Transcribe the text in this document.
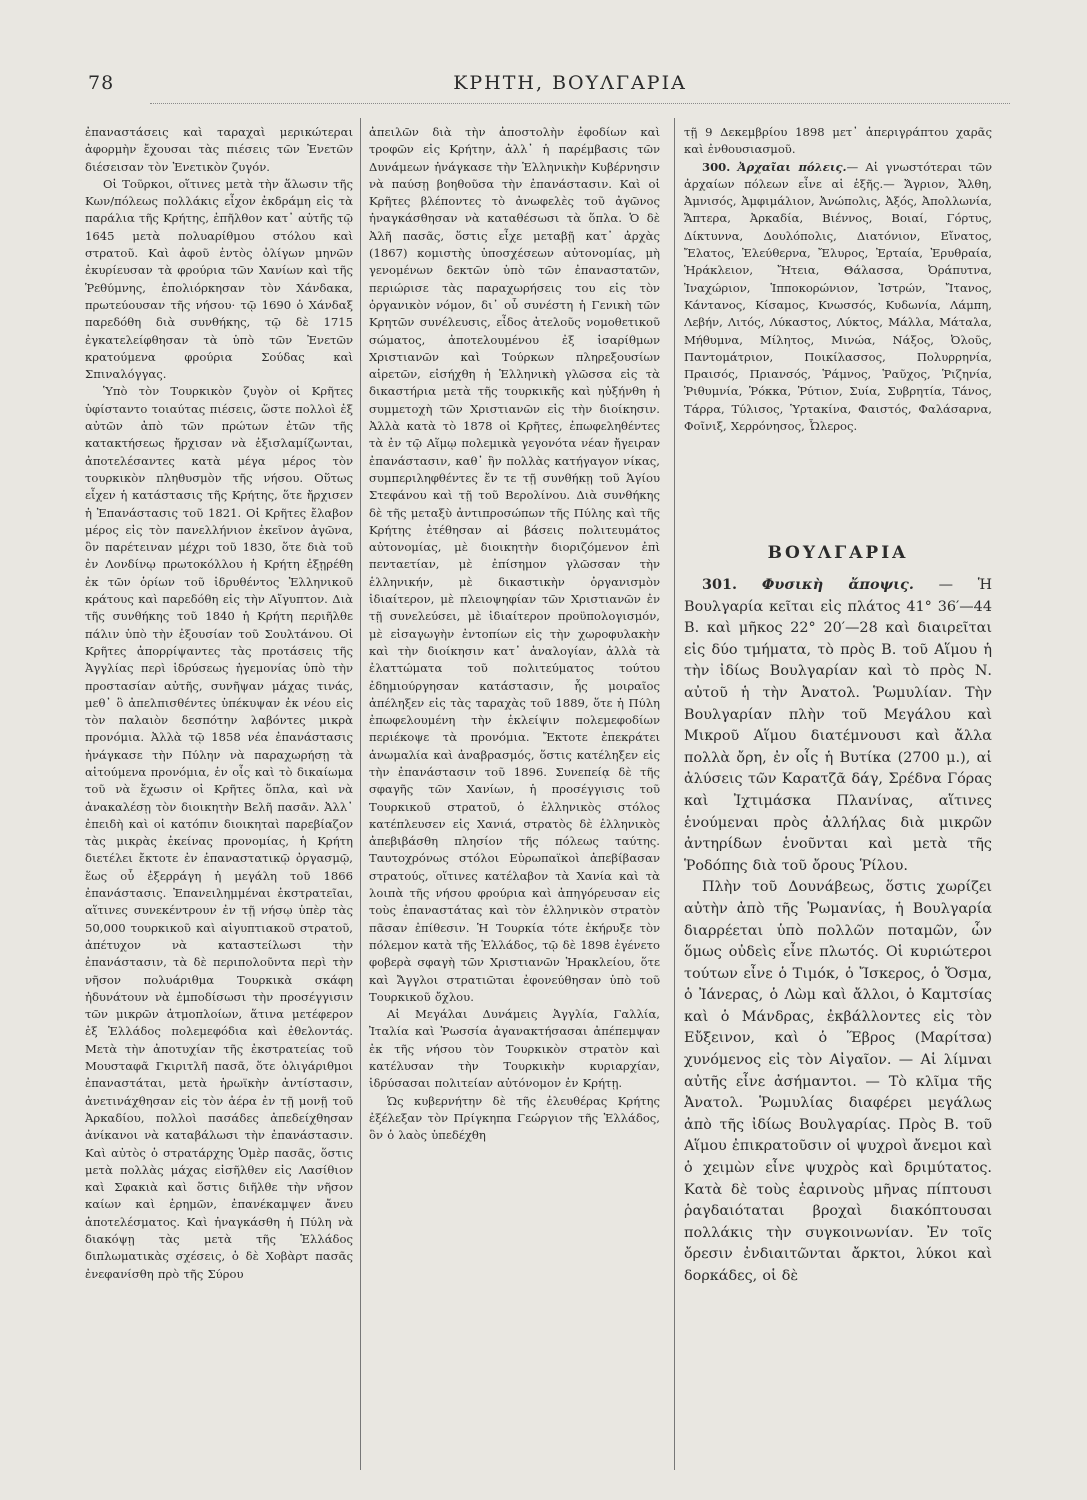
78	ΚΡΗΤΗ, ΒΟΥΛΓΑΡΙΑ

ἐπαναστάσεις καὶ ταραχαὶ μερικώτεραι ἀφορμὴν ἔχουσαι τὰς πιέσεις τῶν Ἐνετῶν διέσεισαν τὸν Ἐνετικὸν ζυγόν.

Οἱ Τοῦρκοι, οἵτινες μετὰ τὴν ἅλωσιν τῆς Κων/πόλεως πολλάκις εἶχον ἐκδράμη εἰς τὰ παράλια τῆς Κρήτης, ἐπῆλθον κατ᾽ αὐτῆς τῷ 1645 μετὰ πολυαρίθμου στόλου καὶ στρατοῦ. Καὶ ἀφοῦ ἐντὸς ὀλίγων μηνῶν ἐκυρίευσαν τὰ φρούρια τῶν Χανίων καὶ τῆς Ῥεθύμνης, ἐπολιόρκησαν τὸν Χάνδακα, πρωτεύουσαν τῆς νήσου· τῷ 1690 ὁ Χάνδαξ παρεδόθη διὰ συνθήκης, τῷ δὲ 1715 ἐγκατελείφθησαν τὰ ὑπὸ τῶν Ἐνετῶν κρατούμενα φρούρια Σούδας καὶ Σπιναλόγγας.

Ὑπὸ τὸν Τουρκικὸν ζυγὸν οἱ Κρῆτες ὑφίσταντο τοιαύτας πιέσεις, ὥστε πολλοὶ ἐξ αὐτῶν ἀπὸ τῶν πρώτων ἐτῶν τῆς κατακτήσεως ἤρχισαν νὰ ἐξισλαμίζωνται, ἀποτελέσαντες κατὰ μέγα μέρος τὸν τουρκικὸν πληθυσμὸν τῆς νήσου. Οὕτως εἶχεν ἡ κατάστασις τῆς Κρήτης, ὅτε ἤρχισεν ἡ Ἐπανάστασις τοῦ 1821. Οἱ Κρῆτες ἔλαβον μέρος εἰς τὸν πανελλήνιον ἐκεῖνον ἀγῶνα, ὃν παρέτειναν μέχρι τοῦ 1830, ὅτε διὰ τοῦ ἐν Λονδίνῳ πρωτοκόλλου ἡ Κρήτη ἐξῃρέθη ἐκ τῶν ὁρίων τοῦ ἱδρυθέντος Ἑλληνικοῦ κράτους καὶ παρεδόθη εἰς τὴν Αἴγυπτον. Διὰ τῆς συνθήκης τοῦ 1840 ἡ Κρήτη περιῆλθε πάλιν ὑπὸ τὴν ἐξουσίαν τοῦ Σουλτάνου. Οἱ Κρῆτες ἀπορρίψαντες τὰς προτάσεις τῆς Ἀγγλίας περὶ ἱδρύσεως ἡγεμονίας ὑπὸ τὴν προστασίαν αὐτῆς, συνῆψαν μάχας τινάς, μεθ᾽ ὃ ἀπελπισθέντες ὑπέκυψαν ἐκ νέου εἰς τὸν παλαιὸν δεσπότην λαβόντες μικρὰ προνόμια. Ἀλλὰ τῷ 1858 νέα ἐπανάστασις ἠνάγκασε τὴν Πύλην νὰ παραχωρήσῃ τὰ αἰτούμενα προνόμια, ἐν οἷς καὶ τὸ δικαίωμα τοῦ νὰ ἔχωσιν οἱ Κρῆτες ὅπλα, καὶ νὰ ἀνακαλέσῃ τὸν διοικητὴν Βελῆ πασᾶν. Ἀλλ᾽ ἐπειδὴ καὶ οἱ κατόπιν διοικηταὶ παρεβίαζον τὰς μικρὰς ἐκείνας προνομίας, ἡ Κρήτη διετέλει ἔκτοτε ἐν ἐπαναστατικῷ ὀργασμῷ, ἕως οὗ ἐξερράγη ἡ μεγάλη τοῦ 1866 ἐπανάστασις. Ἐπανειλημμέναι ἐκστρατεῖαι, αἵτινες συνεκέντρουν ἐν τῇ νήσῳ ὑπὲρ τὰς 50,000 τουρκικοῦ καὶ αἰγυπτιακοῦ στρατοῦ, ἀπέτυχον νὰ καταστείλωσι τὴν ἐπανάστασιν, τὰ δὲ περιπολοῦντα περὶ τὴν νῆσον πολυάριθμα Τουρκικὰ σκάφη ἠδυνάτουν νὰ ἐμποδίσωσι τὴν προσέγγισιν τῶν μικρῶν ἀτμοπλοίων, ἅτινα μετέφερον ἐξ Ἑλλάδος πολεμεφόδια καὶ ἐθελοντάς. Μετὰ τὴν ἀποτυχίαν τῆς ἐκστρατείας τοῦ Μουσταφᾶ Γκιριτλῆ πασᾶ, ὅτε ὀλιγάριθμοι ἐπαναστάται, μετὰ ἡρωϊκὴν ἀντίστασιν, ἀνετινάχθησαν εἰς τὸν ἀέρα ἐν τῇ μονῇ τοῦ Ἀρκαδίου, πολλοὶ πασάδες ἀπεδείχθησαν ἀνίκανοι νὰ καταβάλωσι τὴν ἐπανάστασιν. Καὶ αὐτὸς ὁ στρατάρχης Ὁμὲρ πασᾶς, ὅστις μετὰ πολλὰς μάχας εἰσῆλθεν εἰς Λασίθιον καὶ Σφακιὰ καὶ ὅστις διῆλθε τὴν νῆσον καίων καὶ ἐρημῶν, ἐπανέκαμψεν ἄνευ ἀποτελέσματος. Καὶ ἠναγκάσθη ἡ Πύλη νὰ διακόψῃ τὰς μετὰ τῆς Ἑλλάδος διπλωματικὰς σχέσεις, ὁ δὲ Χοβὰρτ πασᾶς ἐνεφανίσθη πρὸ τῆς Σύρου

ἀπειλῶν διὰ τὴν ἀποστολὴν ἐφοδίων καὶ τροφῶν εἰς Κρήτην, ἀλλ᾽ ἡ παρέμβασις τῶν Δυνάμεων ἠνάγκασε τὴν Ἑλληνικὴν Κυβέρνησιν νὰ παύσῃ βοηθοῦσα τὴν ἐπανάστασιν. Καὶ οἱ Κρῆτες βλέποντες τὸ ἀνωφελὲς τοῦ ἀγῶνος ἠναγκάσθησαν νὰ καταθέσωσι τὰ ὅπλα. Ὁ δὲ Ἀλῆ πασᾶς, ὅστις εἶχε μεταβῇ κατ᾽ ἀρχὰς (1867) κομιστὴς ὑποσχέσεων αὐτονομίας, μὴ γενομένων δεκτῶν ὑπὸ τῶν ἐπαναστατῶν, περιώρισε τὰς παραχωρήσεις του εἰς τὸν ὀργανικὸν νόμον, δι᾽ οὗ συνέστη ἡ Γενικὴ τῶν Κρητῶν συνέλευσις, εἶδος ἀτελοῦς νομοθετικοῦ σώματος, ἀποτελουμένου ἐξ ἰσαρίθμων Χριστιανῶν καὶ Τούρκων πληρεξουσίων αἱρετῶν, εἰσήχθη ἡ Ἑλληνικὴ γλῶσσα εἰς τὰ δικαστήρια μετὰ τῆς τουρκικῆς καὶ ηὐξήνθη ἡ συμμετοχὴ τῶν Χριστιανῶν εἰς τὴν διοίκησιν. Ἀλλὰ κατὰ τὸ 1878 οἱ Κρῆτες, ἐπωφεληθέντες τὰ ἐν τῷ Αἵμῳ πολεμικὰ γεγονότα νέαν ἤγειραν ἐπανάστασιν, καθ᾽ ἣν πολλὰς κατήγαγον νίκας, συμπεριληφθέντες ἔν τε τῇ συνθήκῃ τοῦ Ἁγίου Στεφάνου καὶ τῇ τοῦ Βερολίνου. Διὰ συνθήκης δὲ τῆς μεταξὺ ἀντιπροσώπων τῆς Πύλης καὶ τῆς Κρήτης ἐτέθησαν αἱ βάσεις πολιτευμάτος αὐτονομίας, μὲ διοικητὴν διοριζόμενον ἐπὶ πενταετίαν, μὲ ἐπίσημον γλῶσσαν τὴν ἑλληνικήν, μὲ δικαστικὴν ὀργανισμὸν ἰδιαίτερον, μὲ πλειοψηφίαν τῶν Χριστιανῶν ἐν τῇ συνελεύσει, μὲ ἰδιαίτερον προϋπολογισμόν, μὲ εἰσαγωγὴν ἐντοπίων εἰς τὴν χωροφυλακὴν καὶ τὴν διοίκησιν κατ᾽ ἀναλογίαν, ἀλλὰ τὰ ἐλαττώματα τοῦ πολιτεύματος τούτου ἐδημιούργησαν κατάστασιν, ἧς μοιραῖος ἀπέληξεν εἰς τὰς ταραχὰς τοῦ 1889, ὅτε ἡ Πύλη ἐπωφελουμένη τὴν ἐκλείψιν πολεμεφοδίων περιέκοψε τὰ προνόμια. Ἔκτοτε ἐπεκράτει ἀνωμαλία καὶ ἀναβρασμός, ὅστις κατέληξεν εἰς τὴν ἐπανάστασιν τοῦ 1896. Συνεπείᾳ δὲ τῆς σφαγῆς τῶν Χανίων, ἡ προσέγγισις τοῦ Τουρκικοῦ στρατοῦ, ὁ ἑλληνικὸς στόλος κατέπλευσεν εἰς Χανιά, στρατὸς δὲ ἑλληνικὸς ἀπεβιβάσθη πλησίον τῆς πόλεως ταύτης. Ταυτοχρόνως στόλοι Εὐρωπαϊκοὶ ἀπεβίβασαν στρατούς, οἵτινες κατέλαβον τὰ Χανία καὶ τὰ λοιπὰ τῆς νήσου φρούρια καὶ ἀπηγόρευσαν εἰς τοὺς ἐπαναστάτας καὶ τὸν ἑλληνικὸν στρατὸν πᾶσαν ἐπίθεσιν. Ἡ Τουρκία τότε ἐκήρυξε τὸν πόλεμον κατὰ τῆς Ἑλλάδος, τῷ δὲ 1898 ἐγένετο φοβερὰ σφαγὴ τῶν Χριστιανῶν Ἡρακλείου, ὅτε καὶ Ἄγγλοι στρατιῶται ἐφονεύθησαν ὑπὸ τοῦ Τουρκικοῦ ὄχλου.

Αἱ Μεγάλαι Δυνάμεις Ἀγγλία, Γαλλία, Ἰταλία καὶ Ῥωσσία ἀγανακτήσασαι ἀπέπεμψαν ἐκ τῆς νήσου τὸν Τουρκικὸν στρατὸν καὶ κατέλυσαν τὴν Τουρκικὴν κυριαρχίαν, ἱδρύσασαι πολιτείαν αὐτόνομον ἐν Κρήτῃ.

Ὡς κυβερνήτην δὲ τῆς ἐλευθέρας Κρήτης ἐξέλεξαν τὸν Πρίγκηπα Γεώργιον τῆς Ἑλλάδος, ὃν ὁ λαὸς ὑπεδέχθη

τῇ 9 Δεκεμβρίου 1898 μετ᾽ ἀπεριγράπτου χαρᾶς καὶ ἐνθουσιασμοῦ.

300. Ἀρχαῖαι πόλεις.— Αἱ γνωστότεραι τῶν ἀρχαίων πόλεων εἶνε αἱ ἑξῆς.— Ἄγριον, Ἄλθη, Ἀμνισός, Ἀμφιμάλιον, Ἀνώπολις, Ἀξός, Ἀπολλωνία, Ἄπτερα, Ἀρκαδία, Βιέννος, Βοιαί, Γόρτυς, Δίκτυννα, Δουλόπολις, Διατόνιον, Εἴνατος, Ἔλατος, Ἐλεύθερνα, Ἔλυρος, Ἐρταία, Ἐρυθραία, Ἡράκλειον, Ἤτεια, Θάλασσα, Ὀράπυτνα, Ἰναχώριον, Ἱπποκορώνιον, Ἰστρών, Ἴτανος, Κάντανος, Κίσαμος, Κνωσσός, Κυδωνία, Λάμπη, Λεβήν, Λιτός, Λύκαστος, Λύκτος, Μάλλα, Μάταλα, Μήθυμνα, Μίλητος, Μινώα, Νάξος, Ὀλοῦς, Παντομάτριον, Ποικίλασσος, Πολυρρηνία, Πραισός, Πριανσός, Ῥάμνος, Ῥαῦχος, Ῥιζηνία, Ῥιθυμνία, Ῥόκκα, Ῥύτιον, Συία, Συβρητία, Τάνος, Τάρρα, Τύλισος, Ὑρτακίνα, Φαιστός, Φαλάσαρνα, Φοῖνιξ, Χερρόνησος, Ὦλερος.

ΒΟΥΛΓΑΡΙΑ

301. Φυσικὴ ἄποψις. — Ἡ Βουλγαρία κεῖται εἰς πλάτος 41° 36′—44 Β. καὶ μῆκος 22° 20′—28 καὶ διαιρεῖται εἰς δύο τμήματα, τὸ πρὸς Β. τοῦ Αἵμου ἡ τὴν ἰδίως Βουλγαρίαν καὶ τὸ πρὸς Ν. αὐτοῦ ἡ τὴν Ἀνατολ. Ῥωμυλίαν. Τὴν Βουλγαρίαν πλὴν τοῦ Μεγάλου καὶ Μικροῦ Αἵμου διατέμνουσι καὶ ἄλλα πολλὰ ὄρη, ἐν οἷς ἡ Βυτίκα (2700 μ.), αἱ ἀλύσεις τῶν Καρατζᾶ δάγ, Σρέδνα Γόρας καὶ Ἰχτιμάσκα Πλανίνας, αἵτινες ἑνούμεναι πρὸς ἀλλήλας διὰ μικρῶν ἀντηρίδων ἑνοῦνται καὶ μετὰ τῆς Ῥοδόπης διὰ τοῦ ὄρους Ῥίλου.

Πλὴν τοῦ Δουνάβεως, ὅστις χωρίζει αὐτὴν ἀπὸ τῆς Ῥωμανίας, ἡ Βουλγαρία διαρρέεται ὑπὸ πολλῶν ποταμῶν, ὧν ὅμως οὐδεὶς εἶνε πλωτός. Οἱ κυριώτεροι τούτων εἶνε ὁ Τιμόκ, ὁ Ἴσκερος, ὁ Ὄσμα, ὁ Ἰάνερας, ὁ Λὼμ καὶ ἄλλοι, ὁ Καμτσίας καὶ ὁ Μάνδρας, ἐκβάλλοντες εἰς τὸν Εὔξεινον, καὶ ὁ Ἕβρος (Μαρίτσα) χυνόμενος εἰς τὸν Αἰγαῖον. — Αἱ λίμναι αὐτῆς εἶνε ἀσήμαντοι. — Τὸ κλῖμα τῆς Ἀνατολ. Ῥωμυλίας διαφέρει μεγάλως ἀπὸ τῆς ἰδίως Βουλγαρίας. Πρὸς Β. τοῦ Αἵμου ἐπικρατοῦσιν οἱ ψυχροὶ ἄνεμοι καὶ ὁ χειμὼν εἶνε ψυχρὸς καὶ δριμύτατος. Κατὰ δὲ τοὺς ἐαρινοὺς μῆνας πίπτουσι ῥαγδαιόταται βροχαὶ διακόπτουσαι πολλάκις τὴν συγκοινωνίαν. Ἐν τοῖς ὄρεσιν ἐνδιαιτῶνται ἄρκτοι, λύκοι καὶ δορκάδες, οἱ δὲ
